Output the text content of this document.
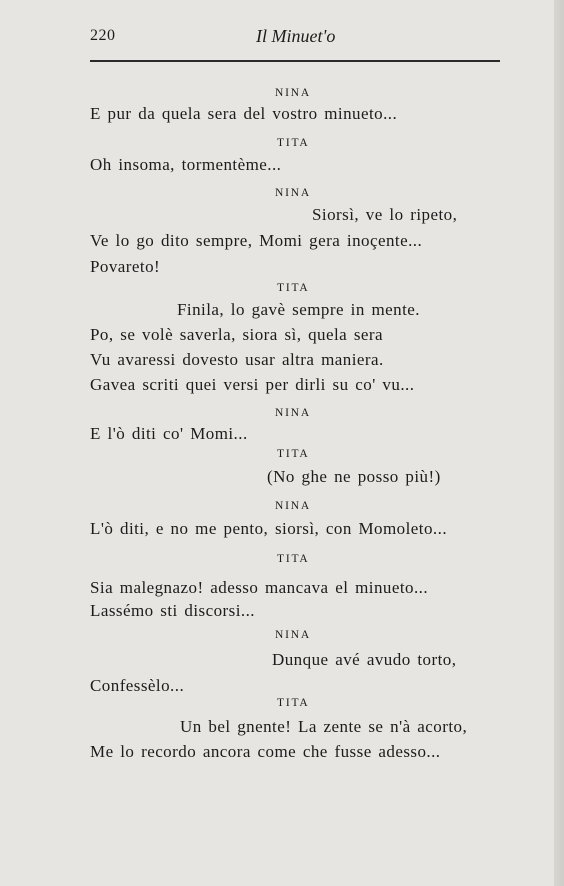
220	Il Minuet'o
NINA
E pur da quela sera del vostro minueto...
TITA
Oh insoma, tormentème...
NINA
Siorsì, ve lo ripeto,
Ve lo go dito sempre, Momi gera inoçente...
Povareto!
TITA
Finila, lo gavè sempre in mente.
Po, se volè saverla, siora sì, quela sera
Vu avaressi dovesto usar altra maniera.
Gavea scriti quei versi per dirli su co' vu...
NINA
E l'ò diti co' Momi...
TITA
(No ghe ne posso più!)
NINA
L'ò diti, e no me pento, siorsì, con Momoleto...
TITA
Sia malegnazo! adesso mancava el minueto...
Lassémo sti discorsi...
NINA
Dunque avé avudo torto,
Confessèlo...
TITA
Un bel gnente! La zente se n'à acorto,
Me lo recordo ancora come che fusse adesso...
